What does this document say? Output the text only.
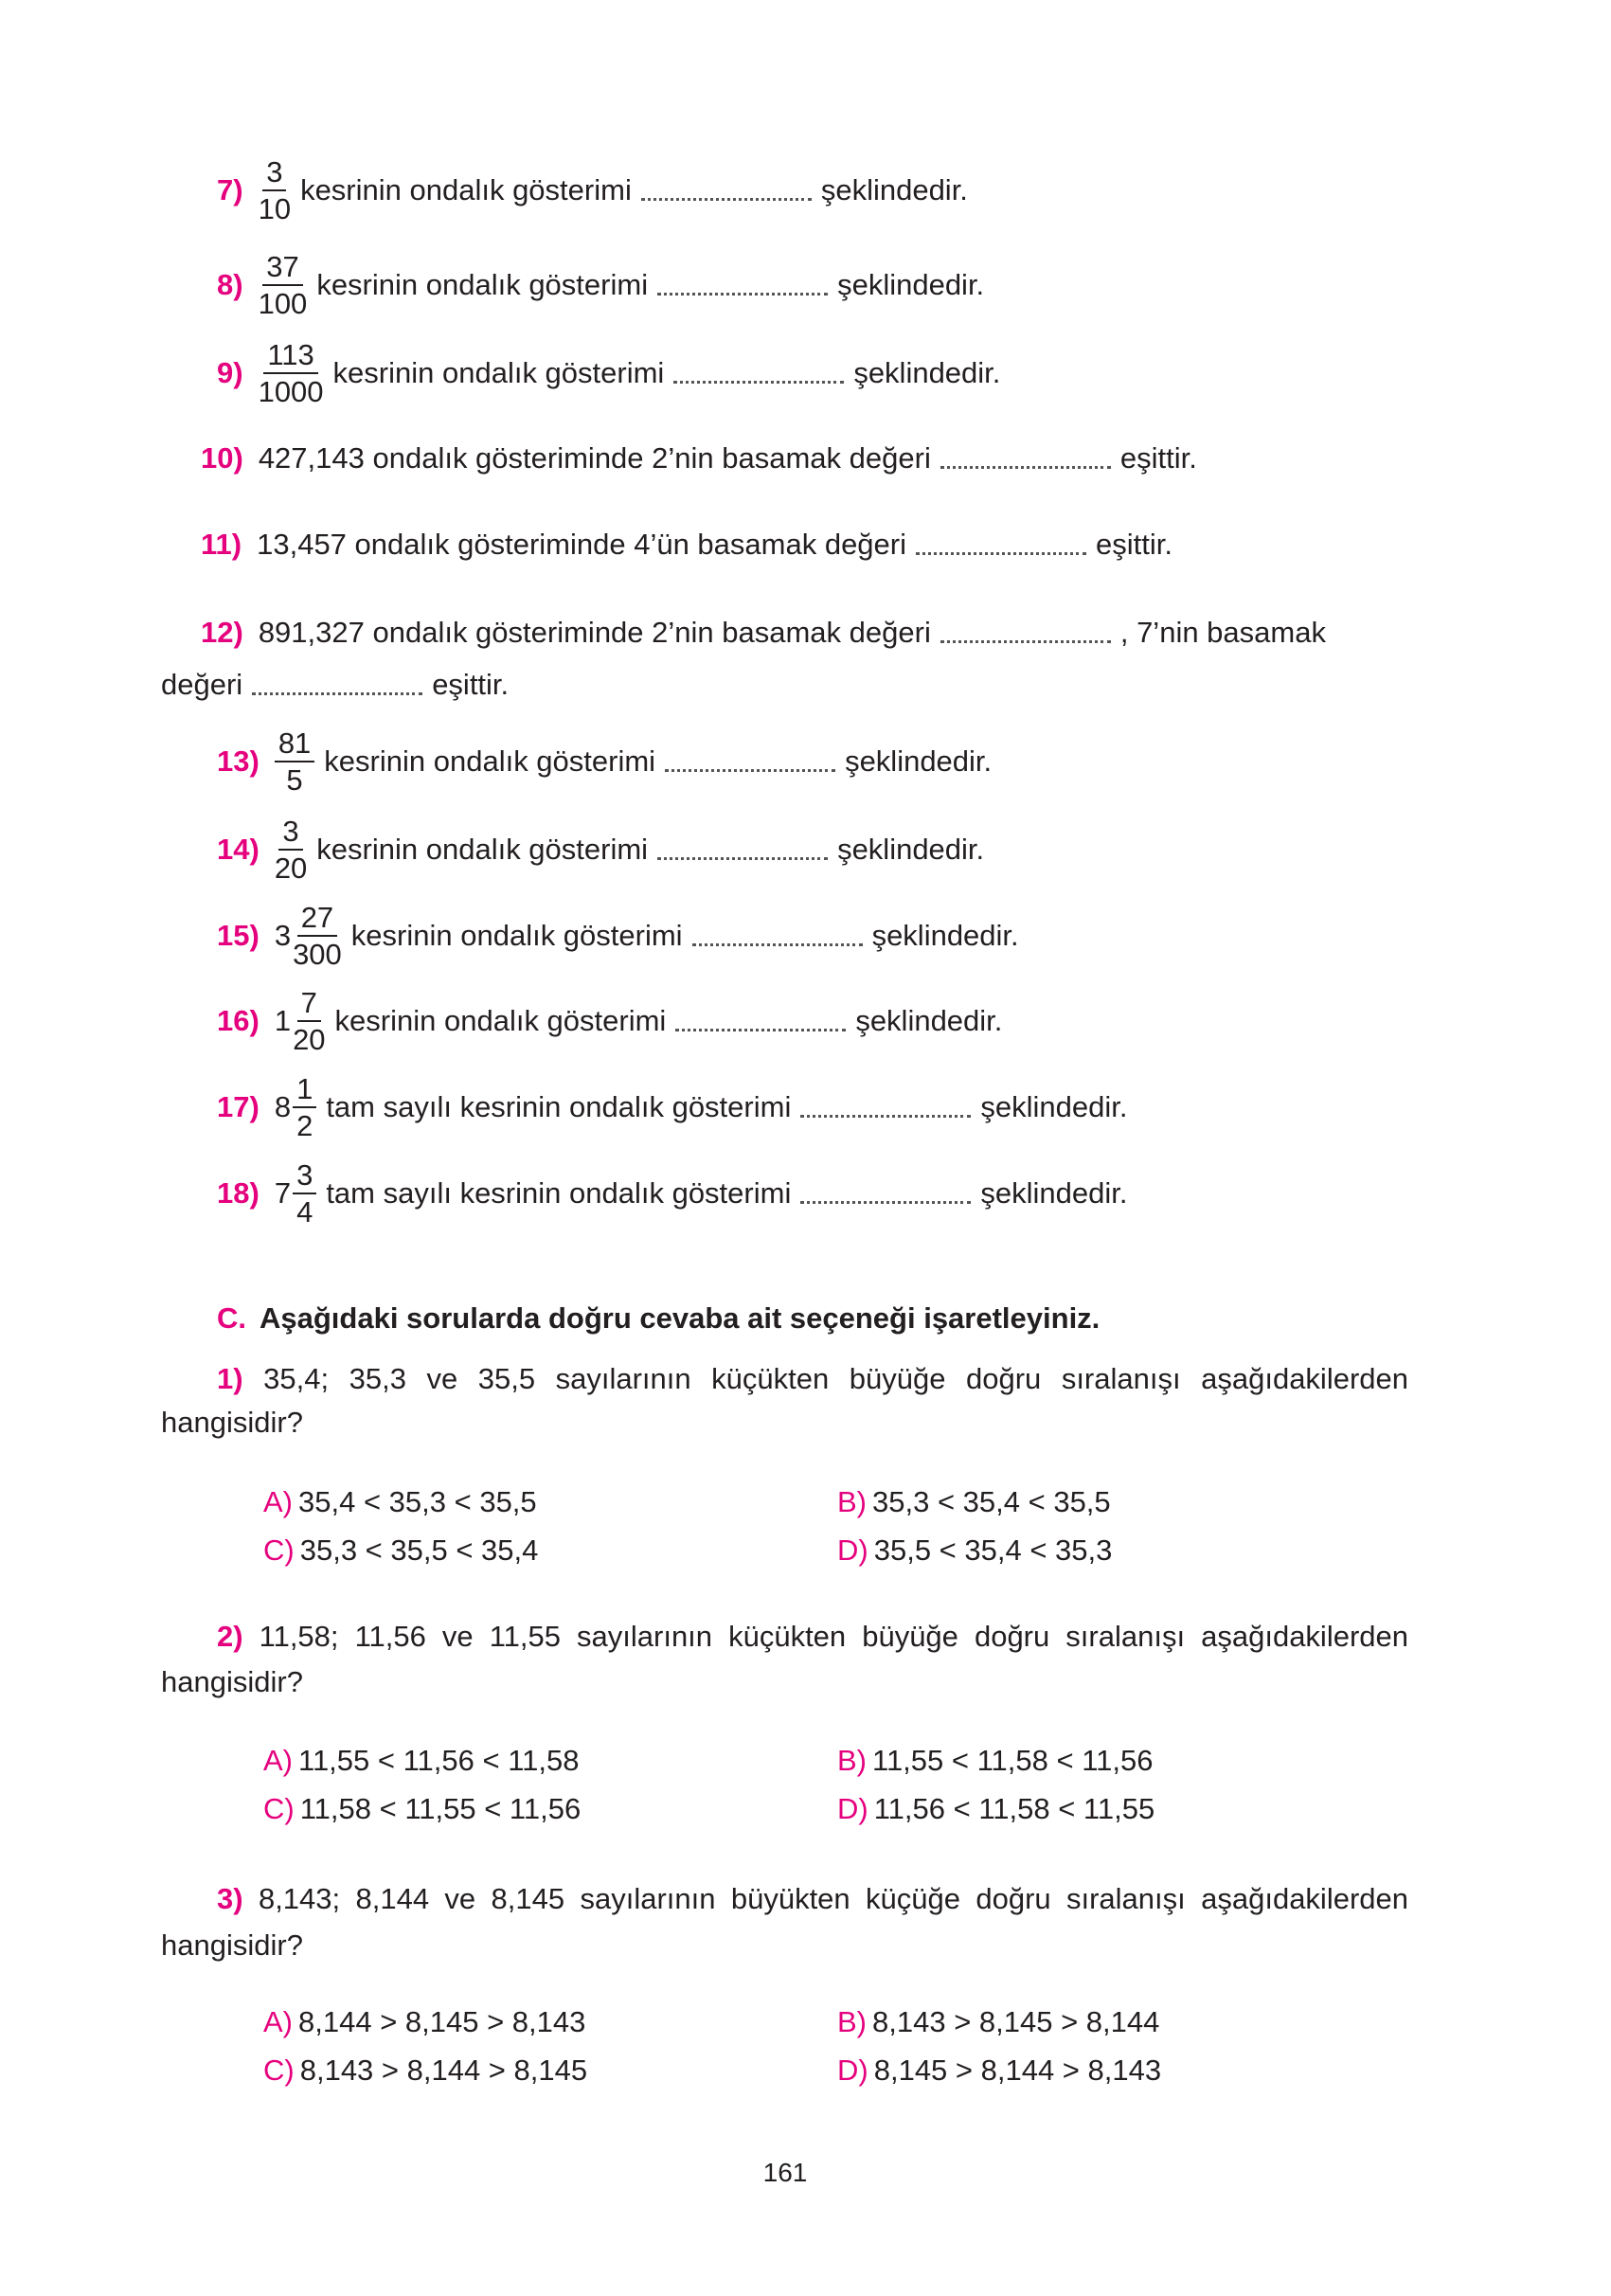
$7) \frac{3}{10}$ kesrinin ondalık gösterimi	şeklindedir.
$8) \frac{37}{100}$ kesrinin ondalık gösterimi	şeklindedir.
$9) \frac{113}{1000}$ kesrinin ondalık gösterimi	şeklindedir.
10) 427,143 ondalık gösteriminde 2’nin basamak değeri	eşittir.
11) 13,457 ondalık gösteriminde 4’ün basamak değeri	eşittir.
12) 891,327 ondalık gösteriminde 2’nin basamak değeri	, 7’nin basamak
değeri	eşittir.
$13) \frac{81}{5}$ kesrinin ondalık gösterimi	şeklindedir.
$14) \frac{3}{20}$ kesrinin ondalık gösterimi	şeklindedir.
15) $3 \frac{27}{300}$ kesrinin ondalık gösterimi	şeklindedir.
16) $1 \frac{7}{20}$ kesrinin ondalık gösterimi	şeklindedir.
17) $8 \frac{1}{2}$ tam sayılı kesrinin ondalık gösterimi	şeklindedir.
18) $7 \frac{3}{4}$ tam sayılı kesrinin ondalık gösterimi	şeklindedir.
C. Aşağıdaki sorularda doğru cevaba ait seçeneği işaretleyiniz.
1) 35,4; 35,3 ve 35,5 sayılarının küçükten büyüğe doğru sıralanışı aşağıdakilerden
hangisidir?
A) 35,4 < 35,3 < 35,5	B) 35,3 < 35,4 < 35,5
C) 35,3 < 35,5 < 35,4	D) 35,5 < 35,4 < 35,3
2) 11,58; 11,56 ve 11,55 sayılarının küçükten büyüğe doğru sıralanışı aşağıdakilerden
hangisidir?
A) 11,55 < 11,56 < 11,58	B) 11,55 < 11,58 < 11,56
C) 11,58 < 11,55 < 11,56	D) 11,56 < 11,58 < 11,55
3) 8,143; 8,144 ve 8,145 sayılarının büyükten küçüğe doğru sıralanışı aşağıdakilerden
hangisidir?
A) 8,144 > 8,145 > 8,143	B) 8,143 > 8,145 > 8,144
C) 8,143 > 8,144 > 8,145	D) 8,145 > 8,144 > 8,143
161
